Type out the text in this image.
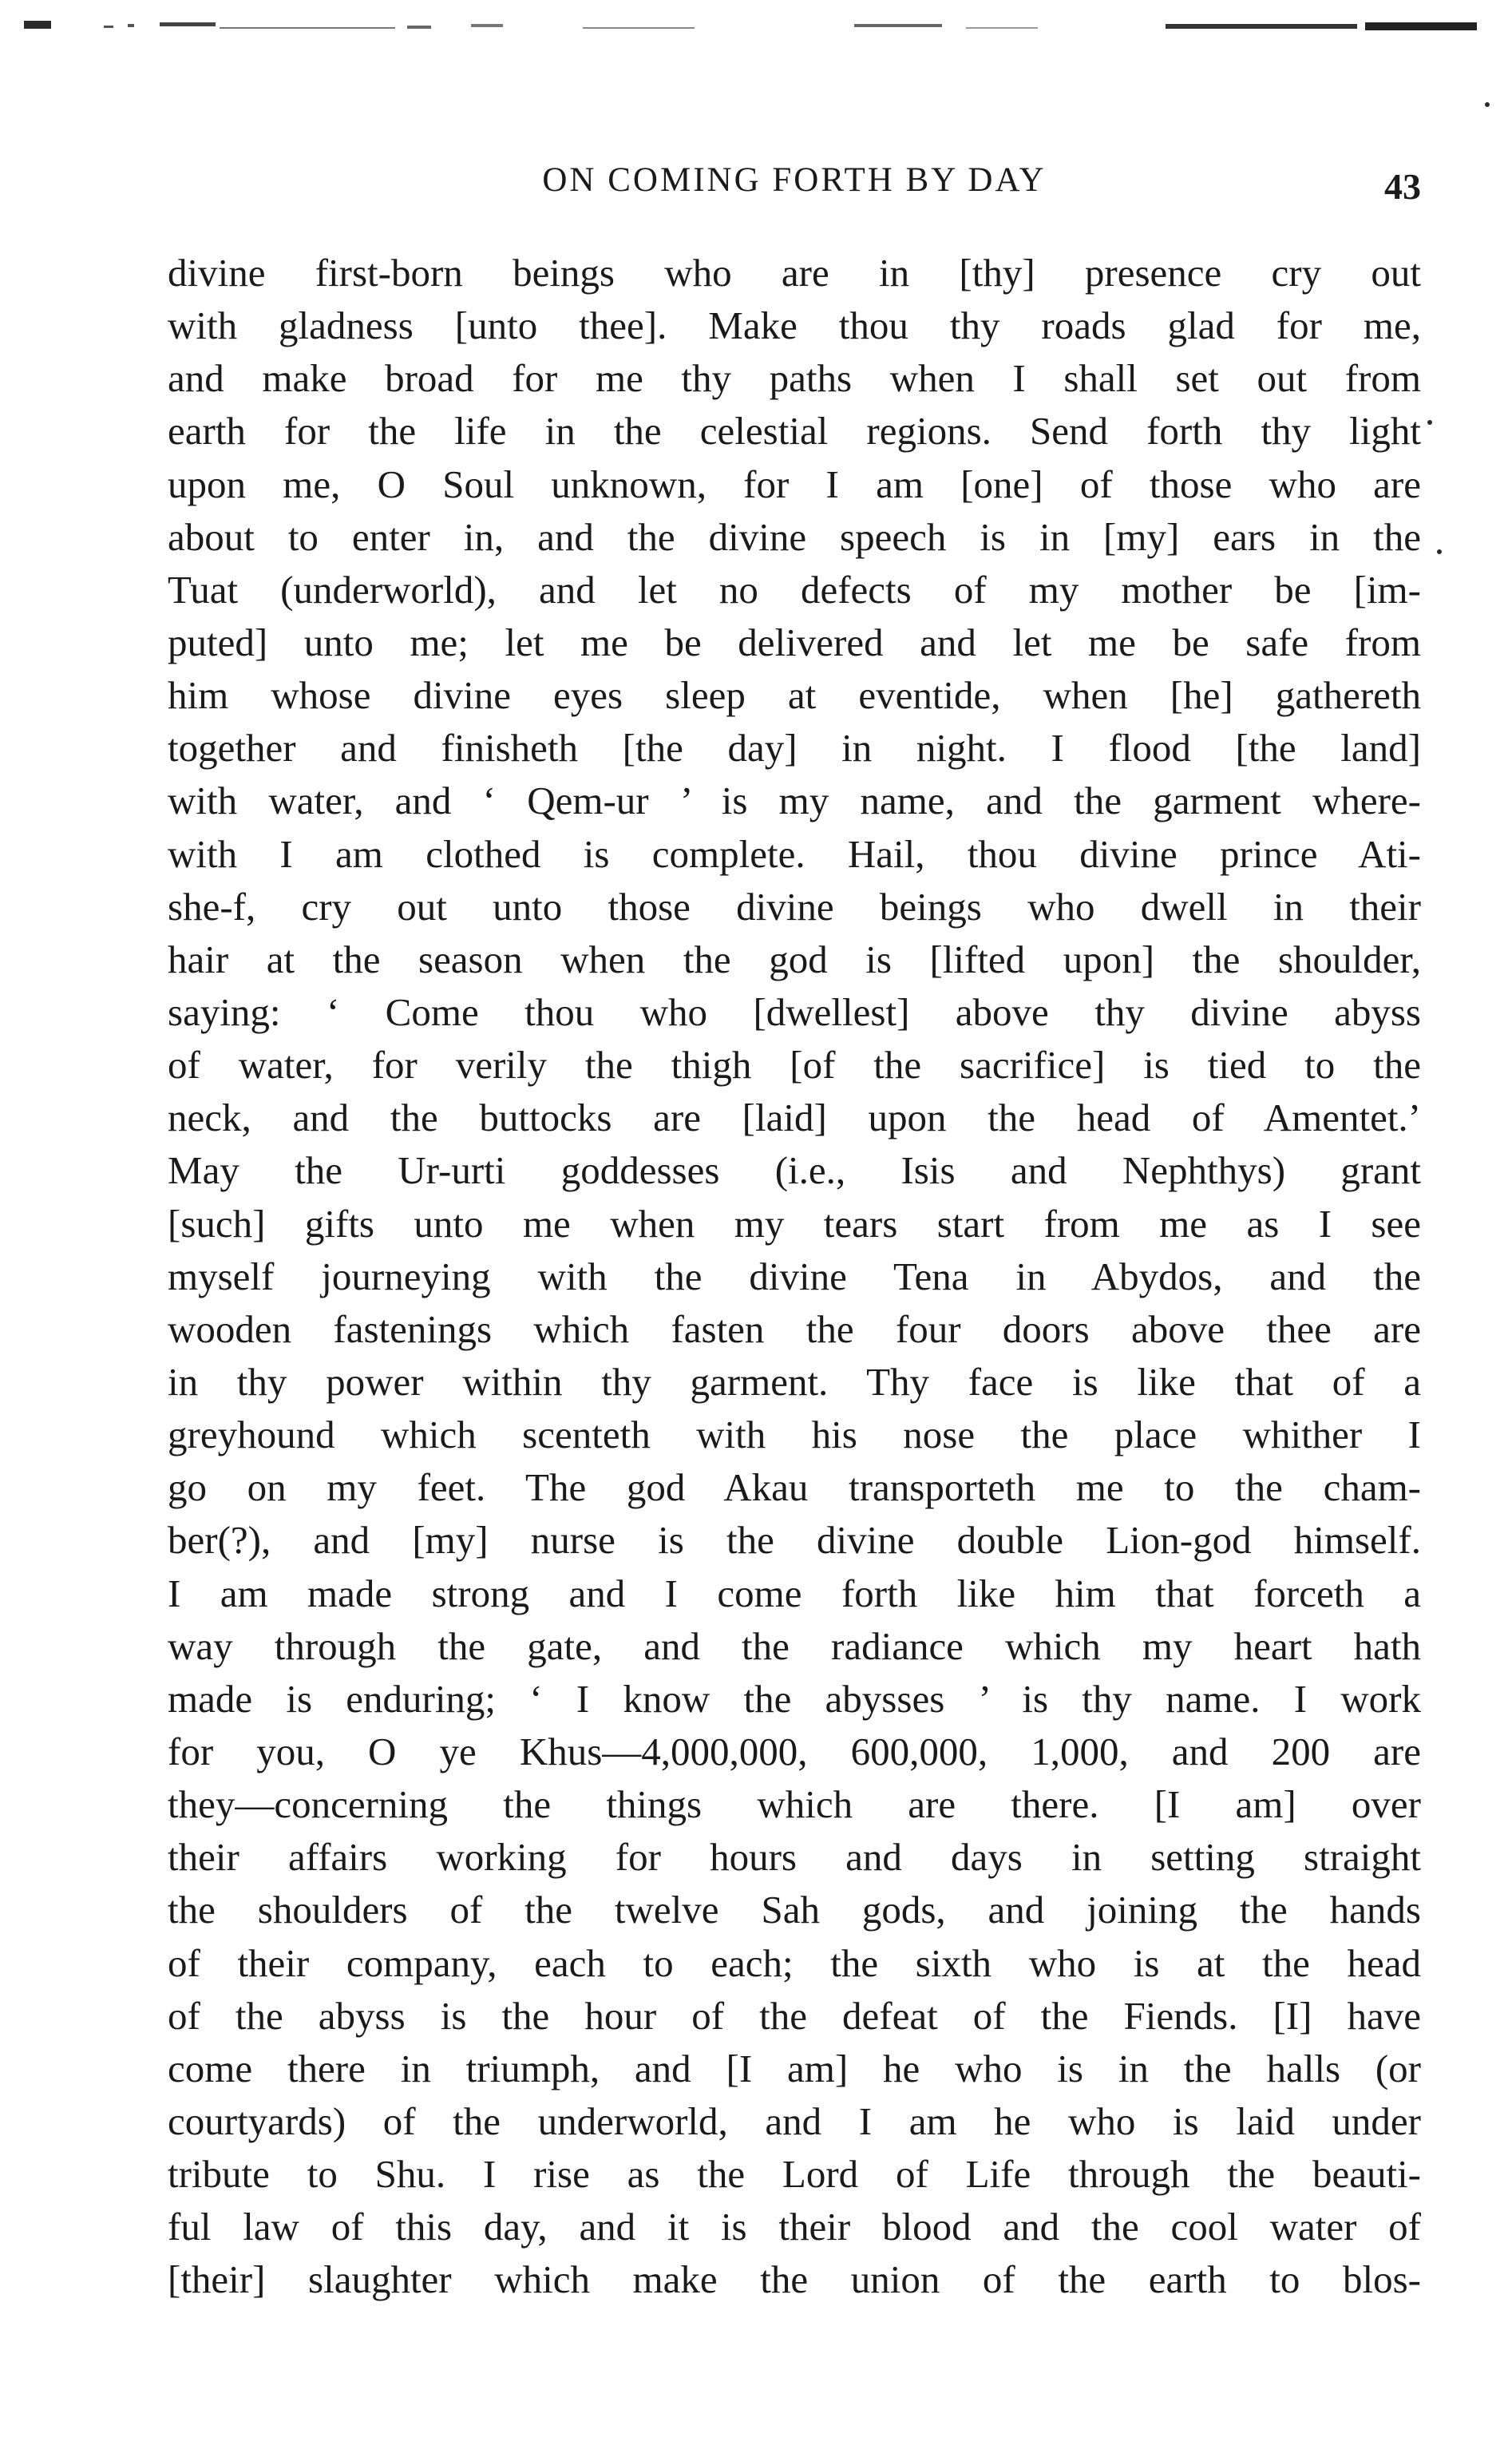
ON COMING FORTH BY DAY	43
divine first-born beings who are in [thy] presence cry out
with gladness [unto thee]. Make thou thy roads glad for me,
and make broad for me thy paths when I shall set out from
earth for the life in the celestial regions. Send forth thy light
upon me, O Soul unknown, for I am [one] of those who are
about to enter in, and the divine speech is in [my] ears in the
Tuat (underworld), and let no defects of my mother be [im-
puted] unto me; let me be delivered and let me be safe from
him whose divine eyes sleep at eventide, when [he] gathereth
together and finisheth [the day] in night. I flood [the land]
with water, and ‘ Qem-ur ’ is my name, and the garment where-
with I am clothed is complete. Hail, thou divine prince Ati-
she-f, cry out unto those divine beings who dwell in their
hair at the season when the god is [lifted upon] the shoulder,
saying: ‘ Come thou who [dwellest] above thy divine abyss
of water, for verily the thigh [of the sacrifice] is tied to the
neck, and the buttocks are [laid] upon the head of Amentet.’
May the Ur-urti goddesses (i.e., Isis and Nephthys) grant
[such] gifts unto me when my tears start from me as I see
myself journeying with the divine Tena in Abydos, and the
wooden fastenings which fasten the four doors above thee are
in thy power within thy garment. Thy face is like that of a
greyhound which scenteth with his nose the place whither I
go on my feet. The god Akau transporteth me to the cham-
ber(?), and [my] nurse is the divine double Lion-god himself.
I am made strong and I come forth like him that forceth a
way through the gate, and the radiance which my heart hath
made is enduring; ‘ I know the abysses ’ is thy name. I work
for you, O ye Khus—4,000,000, 600,000, 1,000, and 200 are
they—concerning the things which are there. [I am] over
their affairs working for hours and days in setting straight
the shoulders of the twelve Sah gods, and joining the hands
of their company, each to each; the sixth who is at the head
of the abyss is the hour of the defeat of the Fiends. [I] have
come there in triumph, and [I am] he who is in the halls (or
courtyards) of the underworld, and I am he who is laid under
tribute to Shu. I rise as the Lord of Life through the beauti-
ful law of this day, and it is their blood and the cool water of
[their] slaughter which make the union of the earth to blos-
